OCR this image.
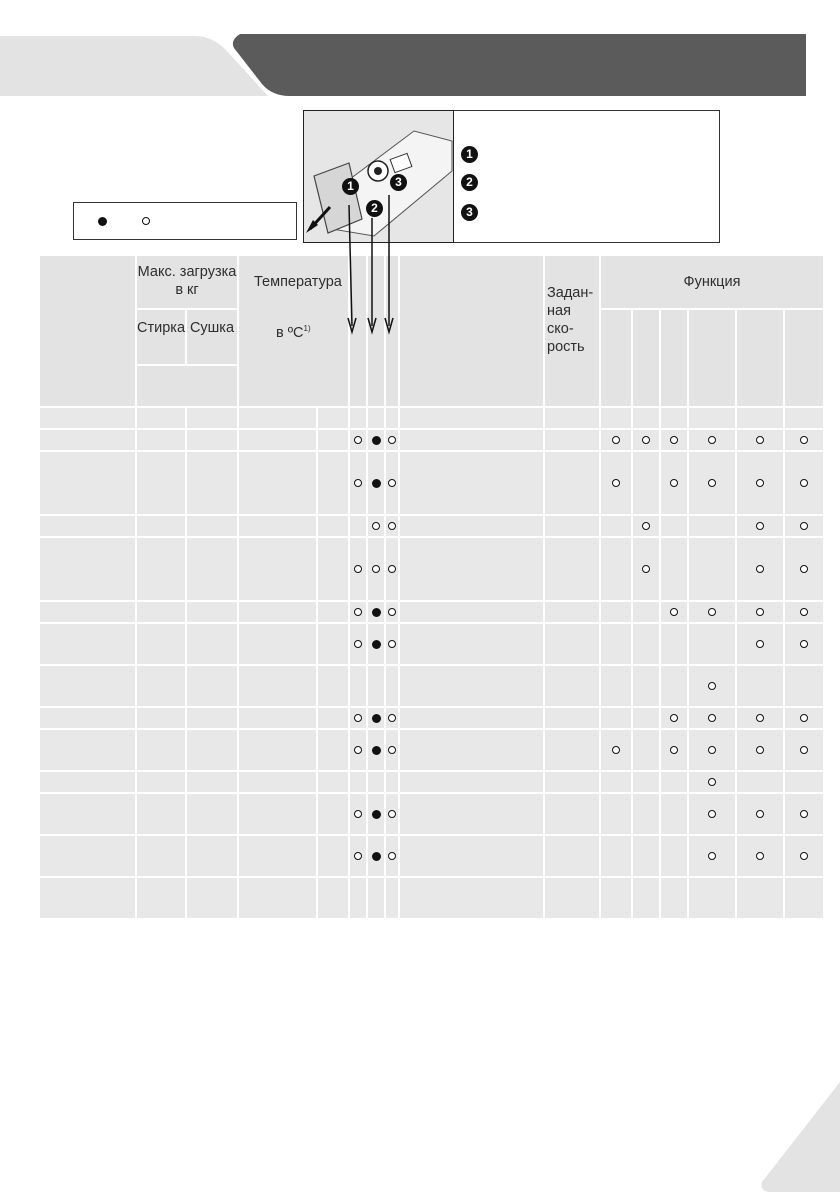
1
2
3
1
2
3
Макс. загрузка в кг
Стирка Сушка
Температура
в ºC$^{1)}$
Задан-ная ско-рость
Функция
